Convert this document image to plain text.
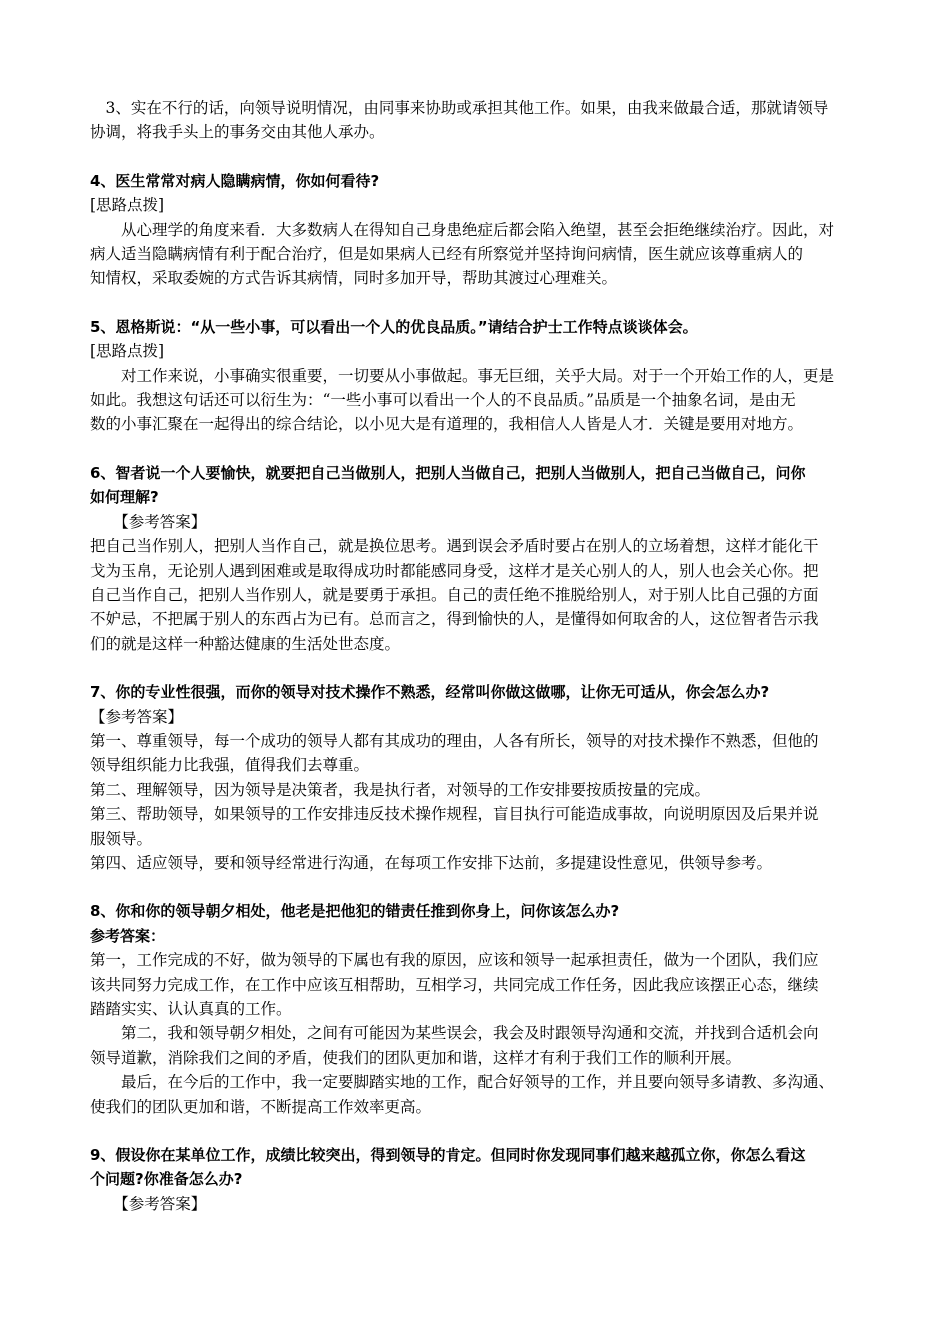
　3、实在不行的话，向领导说明情况，由同事来协助或承担其他工作。如果，由我来做最合适，那就请领导
协调，将我手头上的事务交由其他人承办。
4、医生常常对病人隐瞒病情，你如何看待?
[思路点拨]
　　从心理学的角度来看．大多数病人在得知自己身患绝症后都会陷入绝望，甚至会拒绝继续治疗。因此，对
病人适当隐瞒病情有利于配合治疗，但是如果病人已经有所察觉并坚持询问病情，医生就应该尊重病人的
知情权，采取委婉的方式告诉其病情，同时多加开导，帮助其渡过心理难关。
5、恩格斯说：“从一些小事，可以看出一个人的优良品质。”请结合护士工作特点谈谈体会。
[思路点拨]
　　对工作来说，小事确实很重要，一切要从小事做起。事无巨细，关乎大局。对于一个开始工作的人，更是
如此。我想这句话还可以衍生为：“一些小事可以看出一个人的不良品质。”品质是一个抽象名词，是由无
数的小事汇聚在一起得出的综合结论，以小见大是有道理的，我相信人人皆是人才．关键是要用对地方。
6、智者说一个人要愉快，就要把自己当做别人，把别人当做自己，把别人当做别人，把自己当做自己，问你
如何理解?
　　【参考答案】
把自己当作别人，把别人当作自己，就是换位思考。遇到误会矛盾时要占在别人的立场着想，这样才能化干
戈为玉帛，无论别人遇到困难或是取得成功时都能感同身受，这样才是关心别人的人，别人也会关心你。把
自己当作自己，把别人当作别人，就是要勇于承担。自己的责任绝不推脱给别人，对于别人比自己强的方面
不妒忌，不把属于别人的东西占为已有。总而言之，得到愉快的人，是懂得如何取舍的人，这位智者告示我
们的就是这样一种豁达健康的生活处世态度。
7、你的专业性很强，而你的领导对技术操作不熟悉，经常叫你做这做哪，让你无可适从，你会怎么办?
【参考答案】
第一、尊重领导，每一个成功的领导人都有其成功的理由，人各有所长，领导的对技术操作不熟悉，但他的
领导组织能力比我强，值得我们去尊重。
第二、理解领导，因为领导是决策者，我是执行者，对领导的工作安排要按质按量的完成。
第三、帮助领导，如果领导的工作安排违反技术操作规程，盲目执行可能造成事故，向说明原因及后果并说
服领导。
第四、适应领导，要和领导经常进行沟通，在每项工作安排下达前，多提建设性意见，供领导参考。
8、你和你的领导朝夕相处，他老是把他犯的错责任推到你身上，问你该怎么办?
参考答案：
第一，工作完成的不好，做为领导的下属也有我的原因，应该和领导一起承担责任，做为一个团队，我们应
该共同努力完成工作，在工作中应该互相帮助，互相学习，共同完成工作任务，因此我应该摆正心态，继续
踏踏实实、认认真真的工作。
　　第二，我和领导朝夕相处，之间有可能因为某些误会，我会及时跟领导沟通和交流，并找到合适机会向
领导道歉，消除我们之间的矛盾，使我们的团队更加和谐，这样才有利于我们工作的顺利开展。
　　最后，在今后的工作中，我一定要脚踏实地的工作，配合好领导的工作，并且要向领导多请教、多沟通、
使我们的团队更加和谐，不断提高工作效率更高。
9、假设你在某单位工作，成绩比较突出，得到领导的肯定。但同时你发现同事们越来越孤立你，你怎么看这
个问题?你准备怎么办?
　　【参考答案】
